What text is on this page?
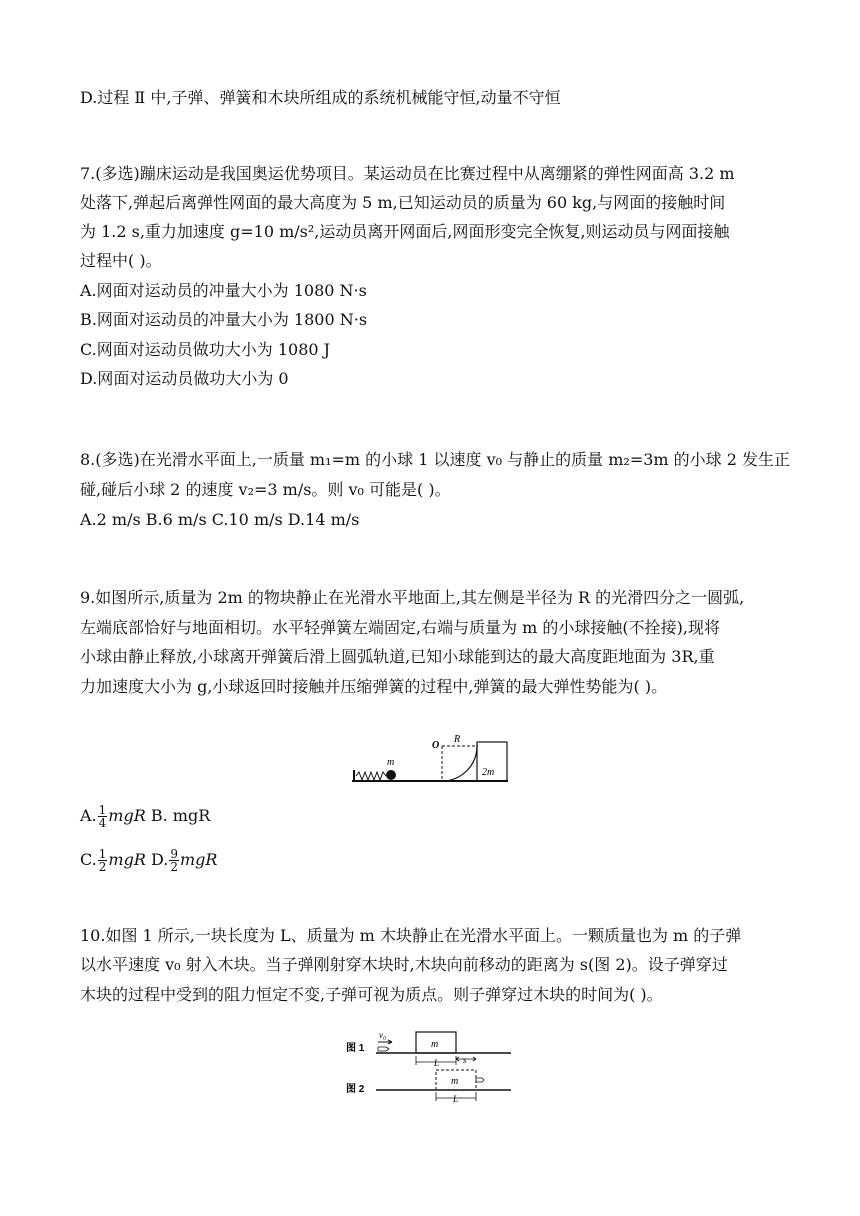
D.过程 Ⅱ 中,子弹、弹簧和木块所组成的系统机械能守恒,动量不守恒
7.(多选)蹦床运动是我国奥运优势项目。某运动员在比赛过程中从离绷紧的弹性网面高 3.2 m
处落下,弹起后离弹性网面的最大高度为 5 m,已知运动员的质量为 60 kg,与网面的接触时间
为 1.2 s,重力加速度 g=10 m/s²,运动员离开网面后,网面形变完全恢复,则运动员与网面接触
过程中( )。
A.网面对运动员的冲量大小为 1080 N·s
B.网面对运动员的冲量大小为 1800 N·s
C.网面对运动员做功大小为 1080 J
D.网面对运动员做功大小为 0
8.(多选)在光滑水平面上,一质量 m₁=m 的小球 1 以速度 v₀ 与静止的质量 m₂=3m 的小球 2 发生正
碰,碰后小球 2 的速度 v₂=3 m/s。则 v₀ 可能是( )。
A.2 m/s B.6 m/s C.10 m/s D.14 m/s
9.如图所示,质量为 2m 的物块静止在光滑水平地面上,其左侧是半径为 R 的光滑四分之一圆弧,
左端底部恰好与地面相切。水平轻弹簧左端固定,右端与质量为 m 的小球接触(不拴接),现将
小球由静止释放,小球离开弹簧后滑上圆弧轨道,已知小球能到达的最大高度距地面为 3R,重
力加速度大小为 g,小球返回时接触并压缩弹簧的过程中,弹簧的最大弹性势能为( )。
m
O
R
2m
A. $\frac{1}{4}$ mgR B. mgR
C. $\frac{1}{2}$ mgR D. $\frac{9}{2}$ mgR
10.如图 1 所示,一块长度为 L、质量为 m 木块静止在光滑水平面上。一颗质量也为 m 的子弹
以水平速度 v₀ 射入木块。当子弹刚射穿木块时,木块向前移动的距离为 s(图 2)。设子弹穿过
木块的过程中受到的阻力恒定不变,子弹可视为质点。则子弹穿过木块的时间为( )。
图 1	m
v₀
s
L
图 2
m
L
